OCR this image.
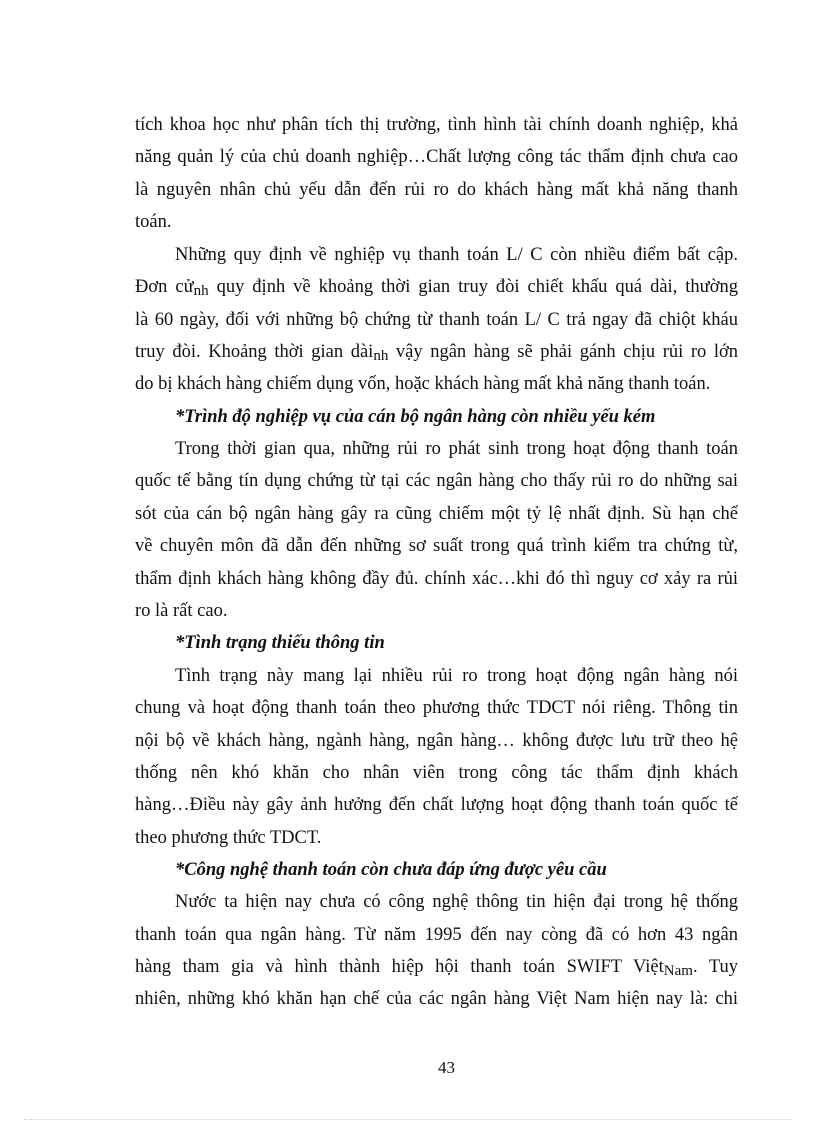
tích khoa học như phân tích thị trường, tình hình tài chính doanh nghiệp, khả
năng quản lý của chủ doanh nghiệp…Chất lượng công tác thẩm định chưa cao
là nguyên nhân chủ yếu dẫn đến rủi ro do khách hàng mất khả năng thanh
toán.
Những quy định về nghiệp vụ thanh toán L/ C còn nhiều điểm bất cập.
Đơn cử$_{nh}$ quy định về khoảng thời gian truy đòi chiết khấu quá dài, thường
là 60 ngày, đối với những bộ chứng từ thanh toán L/ C trả ngay đã chiột kháu
truy đòi. Khoảng thời gian dài$_{nh}$ vậy ngân hàng sẽ phải gánh chịu rủi ro lớn
do bị khách hàng chiếm dụng vốn, hoặc khách hàng mất khả năng thanh toán.
*Trình độ nghiệp vụ của cán bộ ngân hàng còn nhiều yếu kém
Trong thời gian qua, những rủi ro phát sinh trong hoạt động thanh toán
quốc tế bằng tín dụng chứng từ tại các ngân hàng cho thấy rủi ro do những sai
sót của cán bộ ngân hàng gây ra cũng chiếm một tỷ lệ nhất định. Sù hạn chế
về chuyên môn đã dẫn đến những sơ suất trong quá trình kiểm tra chứng từ,
thẩm định khách hàng không đầy đủ. chính xác…khi đó thì nguy cơ xảy ra rủi
ro là rất cao.
*Tình trạng thiếu thông tin
Tình trạng này mang lại nhiều rủi ro trong hoạt động ngân hàng nói
chung và hoạt động thanh toán theo phương thức TDCT nói riêng. Thông tin
nội bộ về khách hàng, ngành hàng, ngân hàng… không được lưu trữ theo hệ
thống nên khó khăn cho nhân viên trong công tác thẩm định khách
hàng…Điều này gây ảnh hưởng đến chất lượng hoạt động thanh toán quốc tế
theo phương thức TDCT.
*Công nghệ thanh toán còn chưa đáp ứng được yêu cầu
Nước ta hiện nay chưa có công nghệ thông tin hiện đại trong hệ thống
thanh toán qua ngân hàng. Từ năm 1995 đến nay còng đã có hơn 43 ngân
hàng tham gia và hình thành hiệp hội thanh toán SWIFT Việt$_{Nam}$. Tuy
nhiên, những khó khăn hạn chế của các ngân hàng Việt Nam hiện nay là: chi
43
